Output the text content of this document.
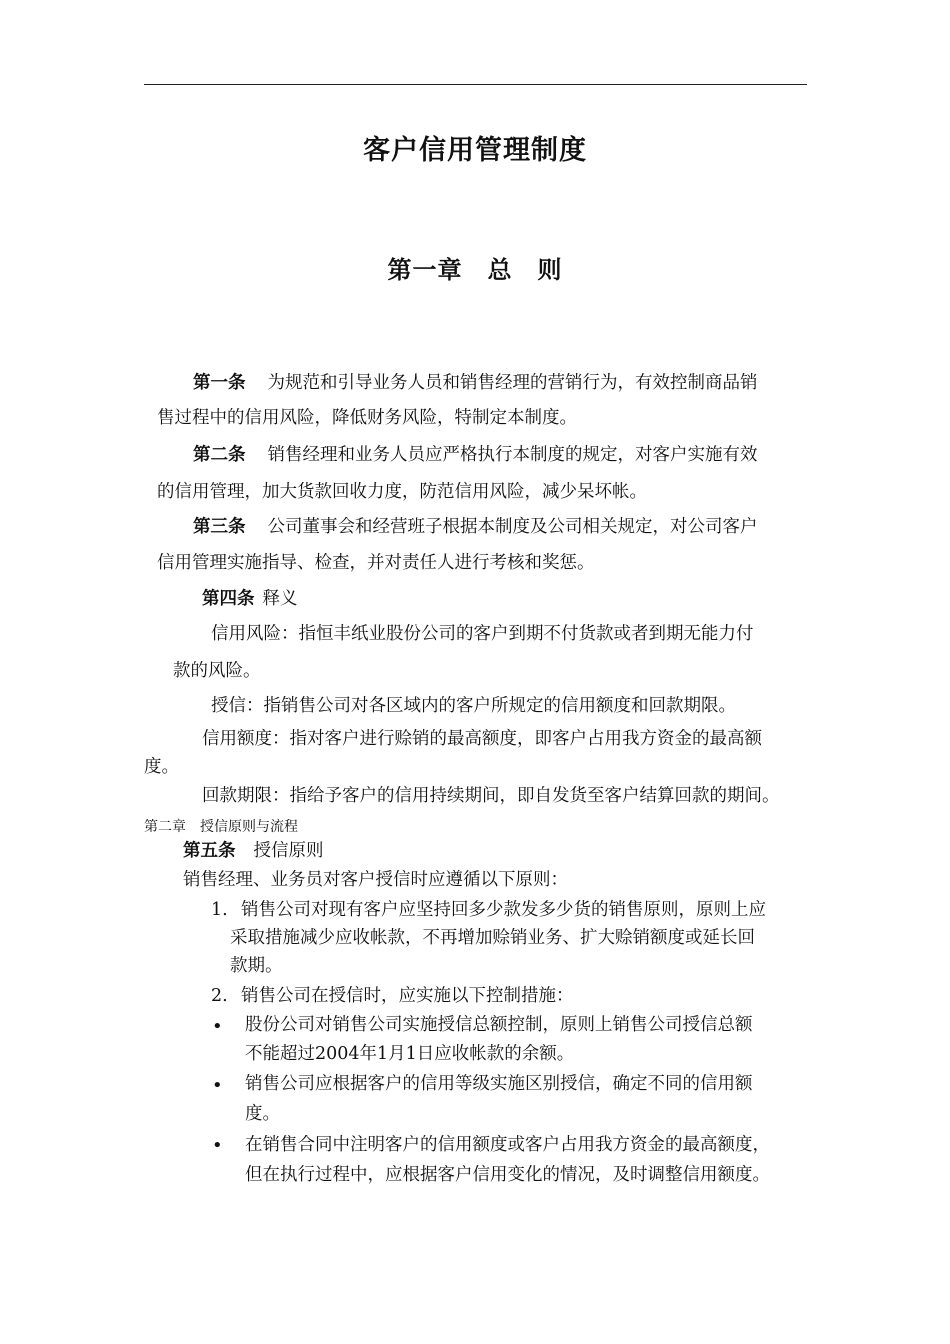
客户信用管理制度
第一章　总　则
第一条 为规范和引导业务人员和销售经理的营销行为，有效控制商品销
售过程中的信用风险，降低财务风险，特制定本制度。
第二条 销售经理和业务人员应严格执行本制度的规定，对客户实施有效
的信用管理，加大货款回收力度，防范信用风险，减少呆坏帐。
第三条 公司董事会和经营班子根据本制度及公司相关规定，对公司客户
信用管理实施指导、检查，并对责任人进行考核和奖惩。
第四条 释义
信用风险：指恒丰纸业股份公司的客户到期不付货款或者到期无能力付
款的风险。
授信：指销售公司对各区域内的客户所规定的信用额度和回款期限。
信用额度：指对客户进行赊销的最高额度，即客户占用我方资金的最高额
度。
回款期限：指给予客户的信用持续期间，即自发货至客户结算回款的期间。
第二章　授信原则与流程
第五条 授信原则
销售经理、业务员对客户授信时应遵循以下原则：
1. 销售公司对现有客户应坚持回多少款发多少货的销售原则，原则上应
采取措施减少应收帐款，不再增加赊销业务、扩大赊销额度或延长回
款期。
2. 销售公司在授信时，应实施以下控制措施：
• 股份公司对销售公司实施授信总额控制，原则上销售公司授信总额
不能超过2004年1月1日应收帐款的余额。
• 销售公司应根据客户的信用等级实施区别授信，确定不同的信用额
度。
• 在销售合同中注明客户的信用额度或客户占用我方资金的最高额度，
但在执行过程中，应根据客户信用变化的情况，及时调整信用额度。
